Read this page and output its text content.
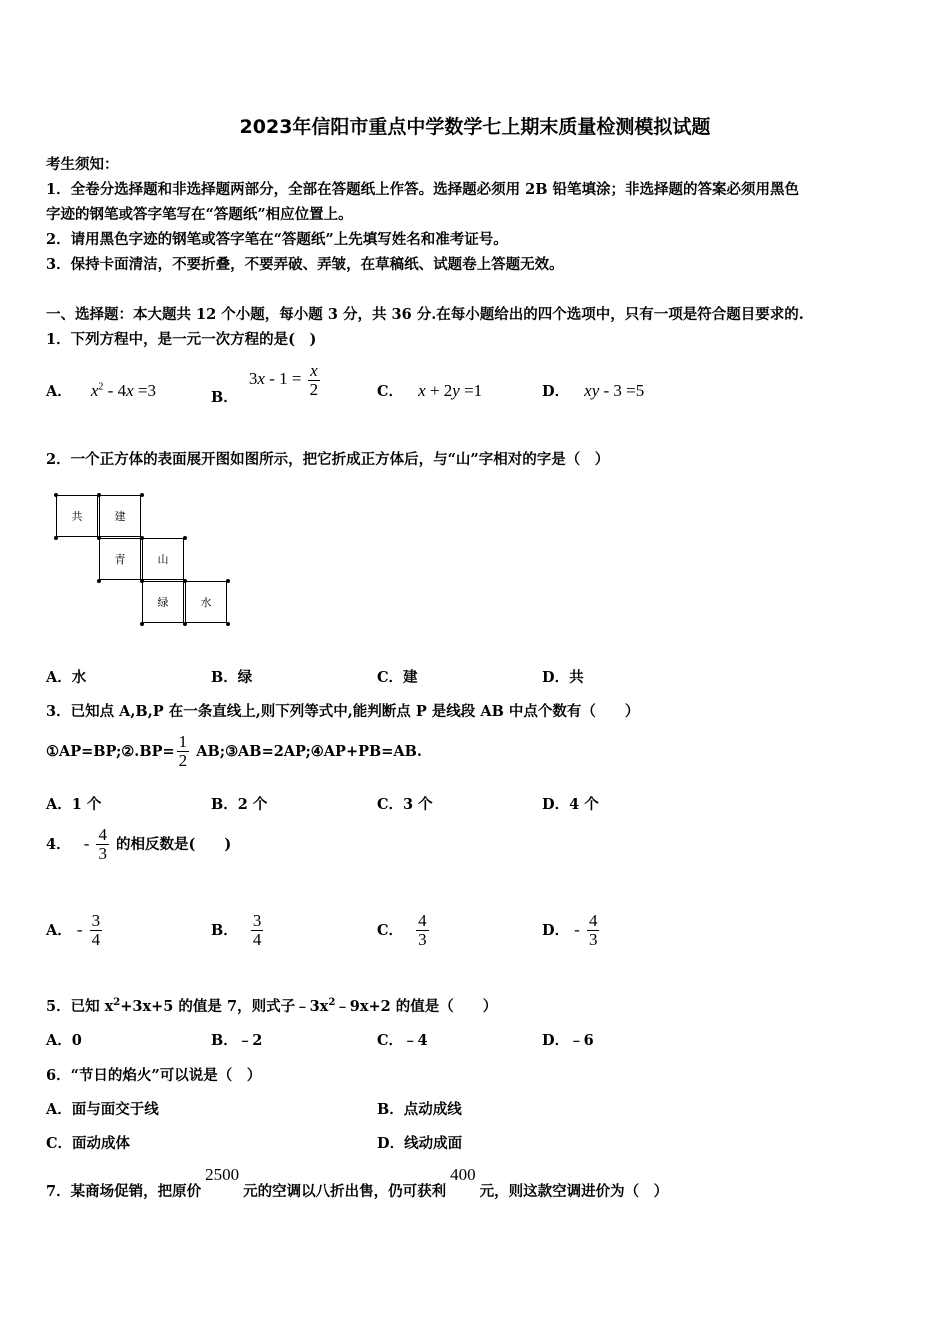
2023年信阳市重点中学数学七上期末质量检测模拟试题
考生须知：
1．全卷分选择题和非选择题两部分，全部在答题纸上作答。选择题必须用 2B 铅笔填涂；非选择题的答案必须用黑色
字迹的钢笔或答字笔写在“答题纸”相应位置上。
2．请用黑色字迹的钢笔或答字笔在“答题纸”上先填写姓名和准考证号。
3．保持卡面清洁，不要折叠，不要弄破、弄皱，在草稿纸、试题卷上答题无效。
一、选择题：本大题共 12 个小题，每小题 3 分，共 36 分.在每小题给出的四个选项中，只有一项是符合题目要求的.
1．下列方程中，是一元一次方程的是(　)
A． $x^2 - 4x =3$	B． $3x - 1 = \frac{x}{2}$	C． x + 2y =1	D． xy - 3 =5
2．一个正方体的表面展开图如图所示，把它折成正方体后，与“山”字相对的字是（　）
共	建
青	山
绿	水
A．水	B．绿	C．建	D．共
3．已知点 A,B,P 在一条直线上,则下列等式中,能判断点 P 是线段 AB 中点个数有（　　）
①AP=BP;②.BP= $\frac{1}{2}$ AB;③AB=2AP;④AP+PB=AB.
A．1 个	B．2 个	C．3 个	D．4 个
4． - $\frac{4}{3}$ 的相反数是(　　)
A． - $\frac{3}{4}$	B． $\frac{3}{4}$	C． $\frac{4}{3}$	D． - $\frac{4}{3}$
5．已知 $x^2+3x+5$ 的值是 7，则式子$﹣3x^2﹣9x+2$ 的值是（　　）
A．0	B．﹣2	C．﹣4	D．﹣6
6．“节日的焰火”可以说是（　）
A．面与面交于线	B．点动成线
C．面动成体	D．线动成面
7．某商场促销，把原价2500元的空调以八折出售，仍可获利400元，则这款空调进价为（　）
